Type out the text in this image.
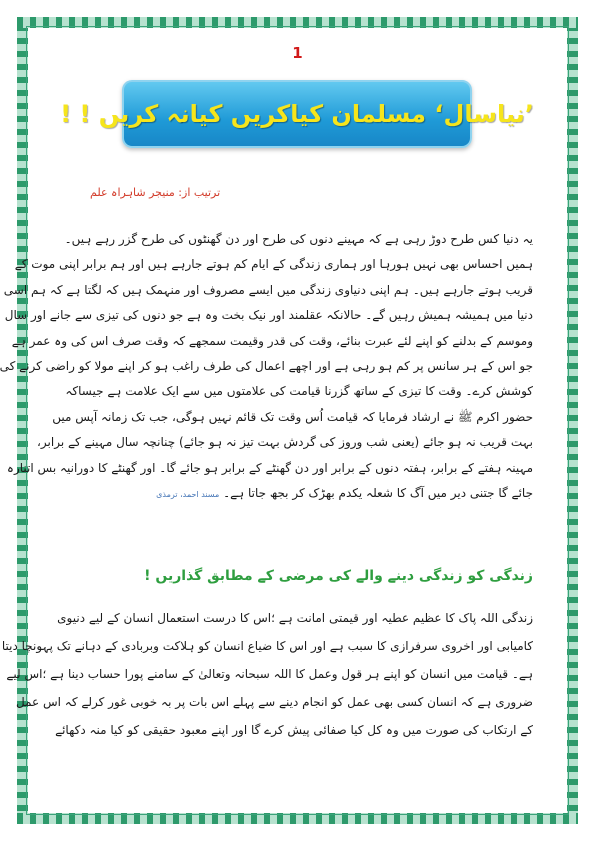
1
’نیاسال‘ مسلمان کیاکریں کیانہ کریں ! !
ترتیب از: منیجر شاہراہ علم
یہ دنیا کس طرح دوڑ رہی ہے کہ مہینے دنوں کی طرح اور دن گھنٹوں کی طرح گزر رہے ہیں۔
ہمیں احساس بھی نہیں ہورہا اور ہماری زندگی کے ایام کم ہوتے جارہے ہیں اور ہم برابر اپنی موت کے
قریب ہوتے جارہے ہیں۔ ہم اپنی دنیاوی زندگی میں ایسے مصروف اور منہمک ہیں کہ لگتا ہے کہ ہم اسی
دنیا میں ہمیشہ ہمیش رہیں گے۔ حالانکہ عقلمند اور نیک بخت وہ ہے جو دنوں کی تیزی سے جانے اور سال
وموسم کے بدلنے کو اپنے لئے عبرت بنائے، وقت کی قدر وقیمت سمجھے کہ وقت صرف اس کی وہ عمر ہے
جو اس کے ہر سانس پر کم ہو رہی ہے اور اچھے اعمال کی طرف راغب ہو کر اپنے مولا کو راضی کرنے کی
کوشش کرے۔ وقت کا تیزی کے ساتھ گزرنا قیامت کی علامتوں میں سے ایک علامت ہے جیساکہ
حضور اکرم ﷺ نے ارشاد فرمایا کہ قیامت اُس وقت تک قائم نہیں ہوگی، جب تک زمانہ آپس میں
بہت قریب نہ ہو جائے (یعنی شب وروز کی گردش بہت تیز نہ ہو جائے) چنانچہ سال مہینے کے برابر،
مہینہ ہفتے کے برابر، ہفتہ دنوں کے برابر اور دن گھنٹے کے برابر ہو جائے گا۔ اور گھنٹے کا دورانیہ بس اتنارہ
جائے گا جتنی دیر میں آگ کا شعلہ یکدم بھڑک کر بجھ جاتا ہے۔ مسند احمد، ترمذی
زندگی کو زندگی دینے والے کی مرضی کے مطابق گذاریں !
زندگی اللہ پاک کا عظیم عطیہ اور قیمتی امانت ہے ؛اس کا درست استعمال انسان کے لیے دنیوی
کامیابی اور اخروی سرفرازی کا سبب ہے اور اس کا ضیاع انسان کو ہلاکت وبربادی کے دہانے تک پہونچا دیتا
ہے۔ قیامت میں انسان کو اپنے ہر قول وعمل کا اللہ سبحانہ وتعالیٰ کے سامنے پورا حساب دینا ہے ؛اس لیے
ضروری ہے کہ انسان کسی بھی عمل کو انجام دینے سے پہلے اس بات پر بہ خوبی غور کرلے کہ اس عمل
کے ارتکاب کی صورت میں وہ کل کیا صفائی پیش کرے گا اور اپنے معبود حقیقی کو کیا منہ دکھائے
